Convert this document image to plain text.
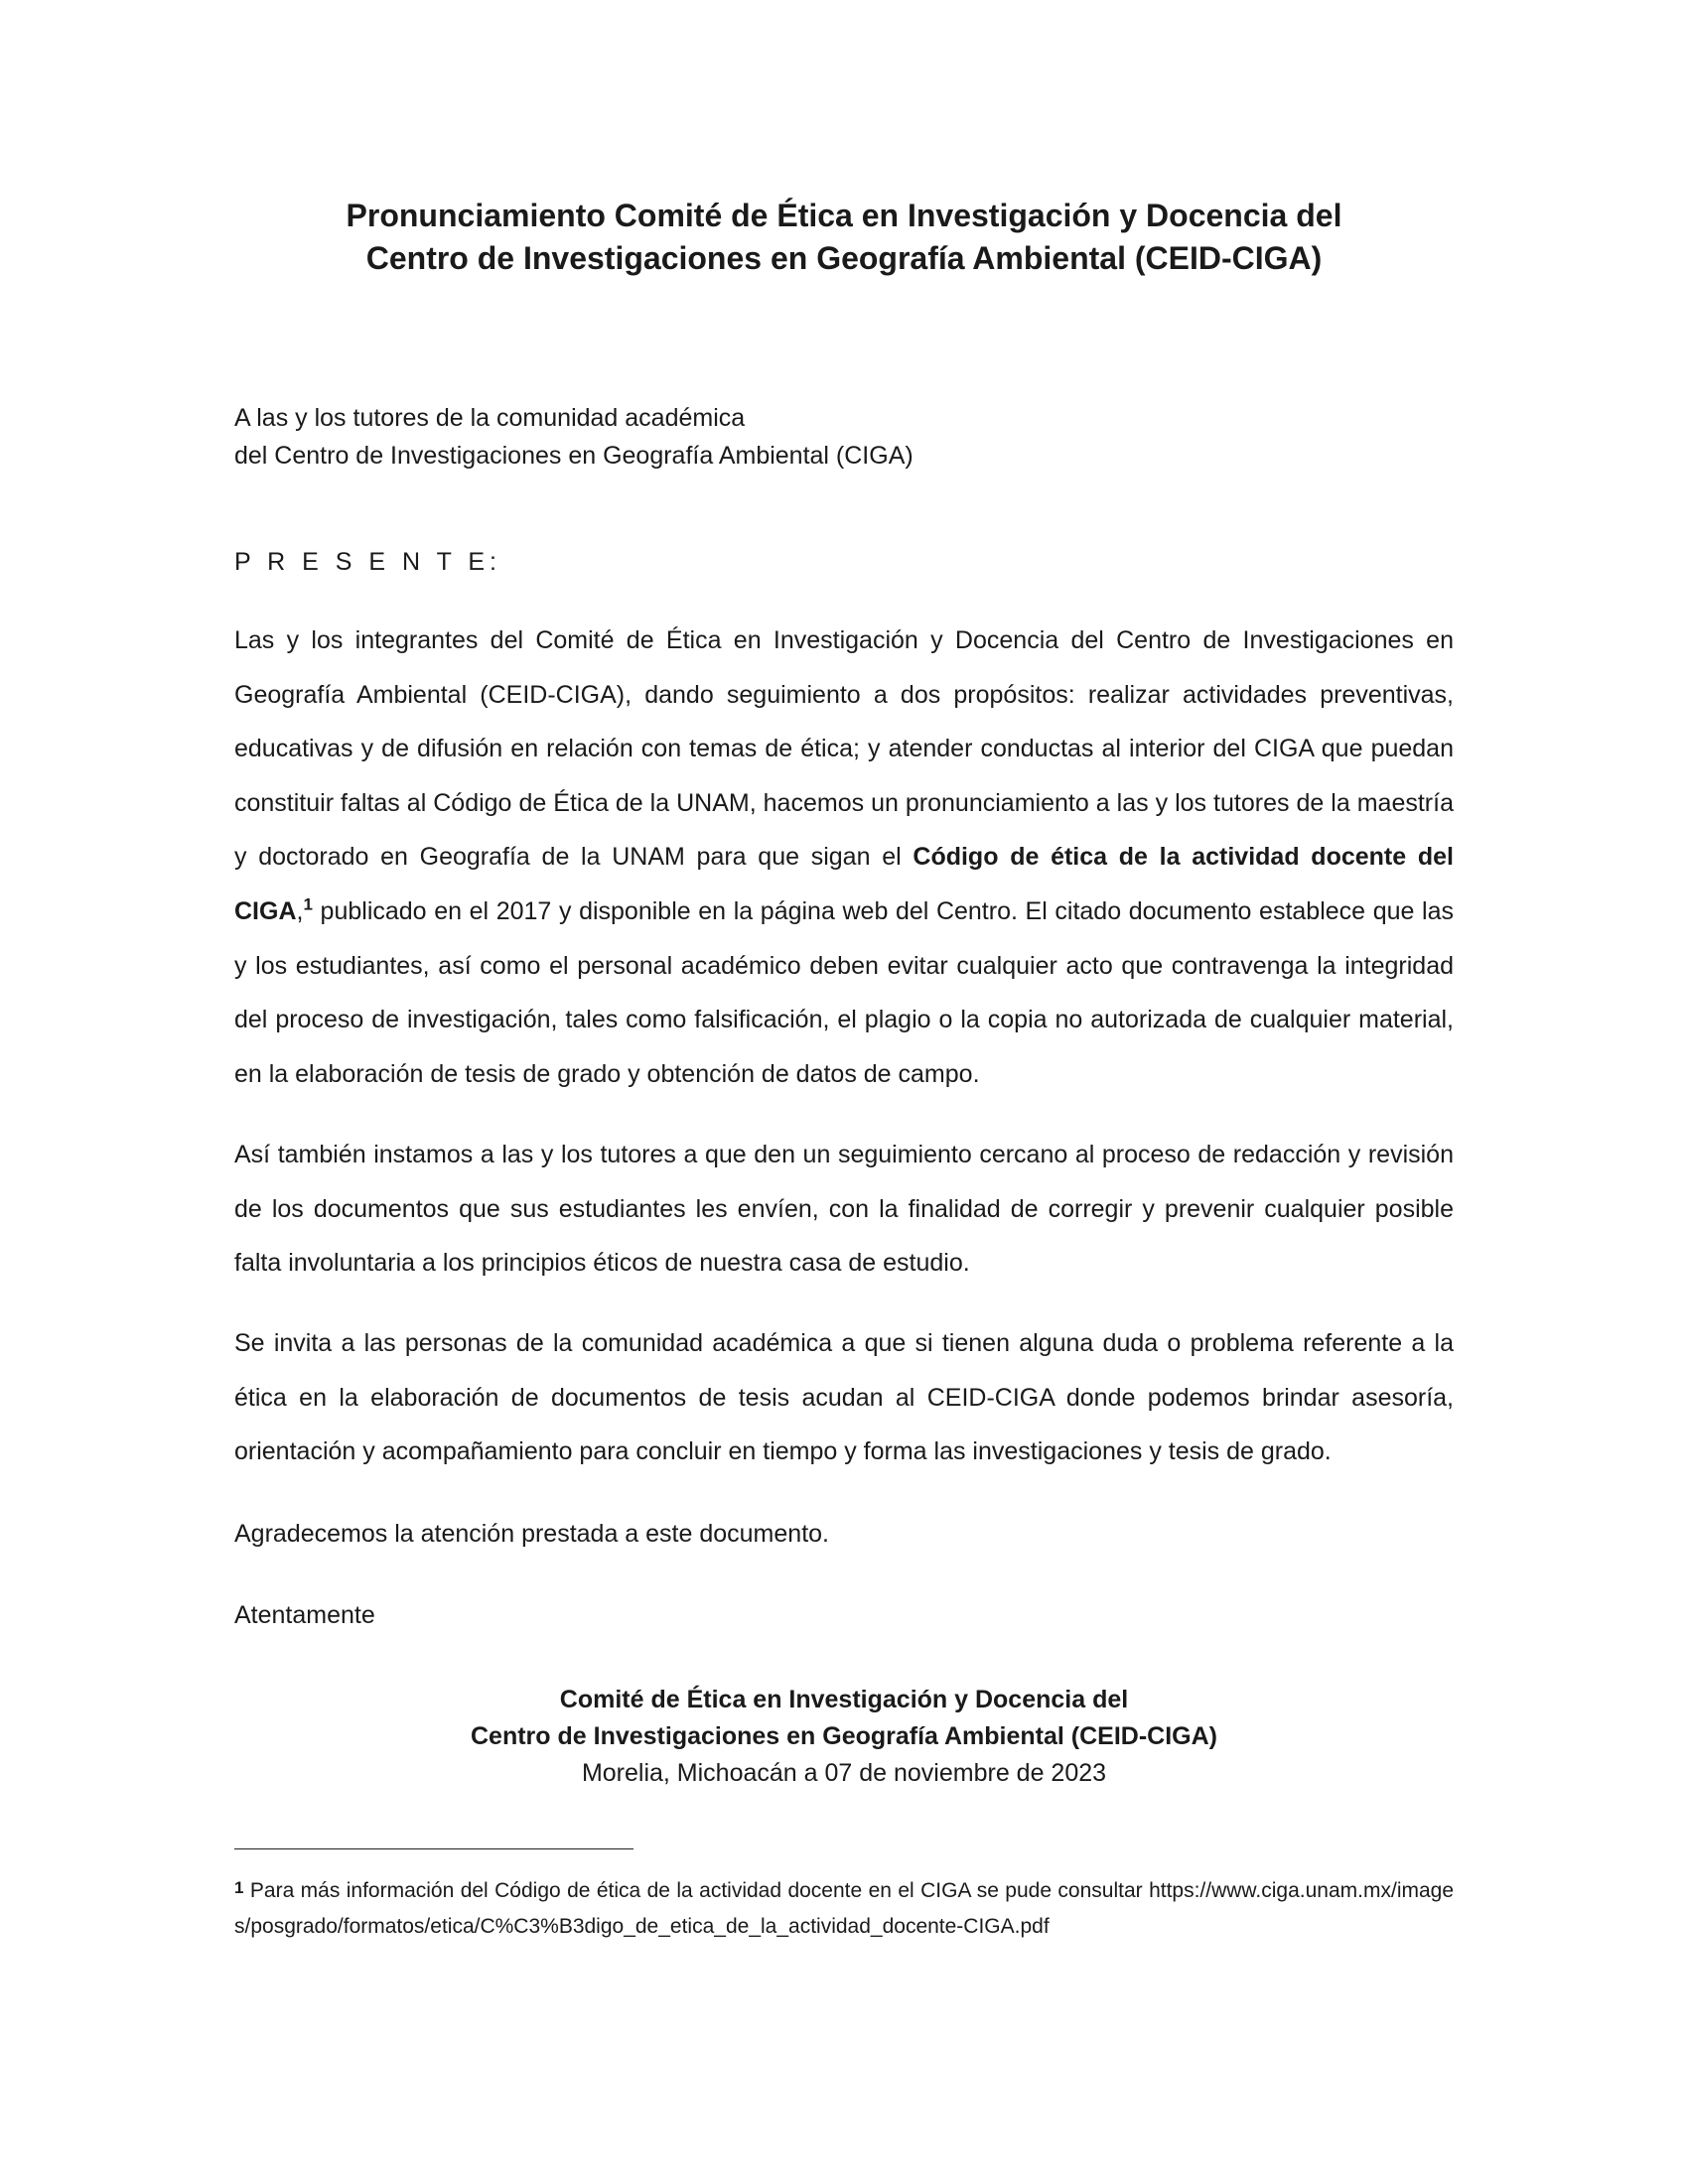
Pronunciamiento Comité de Ética en Investigación y Docencia del
Centro de Investigaciones en Geografía Ambiental (CEID-CIGA)
A las y los tutores de la comunidad académica
del Centro de Investigaciones en Geografía Ambiental (CIGA)
P R E S E N T E:
Las y los integrantes del Comité de Ética en Investigación y Docencia del Centro de Investigaciones en Geografía Ambiental (CEID-CIGA), dando seguimiento a dos propósitos: realizar actividades preventivas, educativas y de difusión en relación con temas de ética; y atender conductas al interior del CIGA que puedan constituir faltas al Código de Ética de la UNAM, hacemos un pronunciamiento a las y los tutores de la maestría y doctorado en Geografía de la UNAM para que sigan el Código de ética de la actividad docente del CIGA,$^1$ publicado en el 2017 y disponible en la página web del Centro. El citado documento establece que las y los estudiantes, así como el personal académico deben evitar cualquier acto que contravenga la integridad del proceso de investigación, tales como falsificación, el plagio o la copia no autorizada de cualquier material, en la elaboración de tesis de grado y obtención de datos de campo.
Así también instamos a las y los tutores a que den un seguimiento cercano al proceso de redacción y revisión de los documentos que sus estudiantes les envíen, con la finalidad de corregir y prevenir cualquier posible falta involuntaria a los principios éticos de nuestra casa de estudio.
Se invita a las personas de la comunidad académica a que si tienen alguna duda o problema referente a la ética en la elaboración de documentos de tesis acudan al CEID-CIGA donde podemos brindar asesoría, orientación y acompañamiento para concluir en tiempo y forma las investigaciones y tesis de grado.
Agradecemos la atención prestada a este documento.
Atentamente
Comité de Ética en Investigación y Docencia del
Centro de Investigaciones en Geografía Ambiental (CEID-CIGA)
Morelia, Michoacán a 07 de noviembre de 2023
1 Para más información del Código de ética de la actividad docente en el CIGA se pude consultar https://www.ciga.unam.mx/images/posgrado/formatos/etica/C%C3%B3digo_de_etica_de_la_actividad_docente-CIGA.pdf
